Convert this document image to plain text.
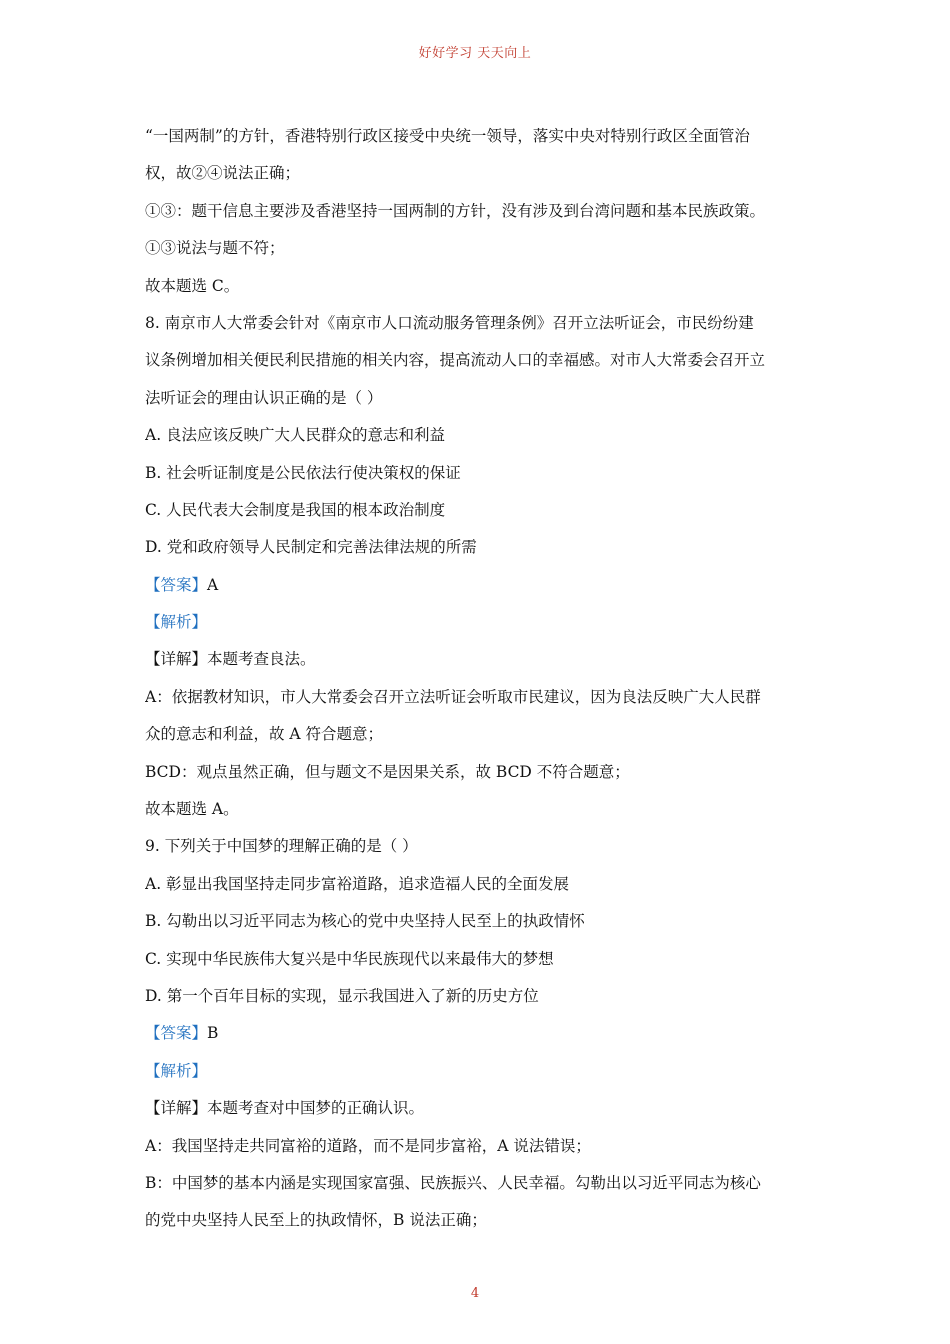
好好学习 天天向上
“一国两制”的方针，香港特别行政区接受中央统一领导，落实中央对特别行政区全面管治
权，故②④说法正确；
①③：题干信息主要涉及香港坚持一国两制的方针，没有涉及到台湾问题和基本民族政策。
①③说法与题不符；
故本题选 C。
8. 南京市人大常委会针对《南京市人口流动服务管理条例》召开立法听证会，市民纷纷建
议条例增加相关便民利民措施的相关内容，提高流动人口的幸福感。对市人大常委会召开立
法听证会的理由认识正确的是（ ）
A. 良法应该反映广大人民群众的意志和利益
B. 社会听证制度是公民依法行使决策权的保证
C. 人民代表大会制度是我国的根本政治制度
D. 党和政府领导人民制定和完善法律法规的所需
【答案】A
【解析】
【详解】本题考查良法。
A：依据教材知识，市人大常委会召开立法听证会听取市民建议，因为良法反映广大人民群
众的意志和利益，故 A 符合题意；
BCD：观点虽然正确，但与题文不是因果关系，故 BCD 不符合题意；
故本题选 A。
9. 下列关于中国梦的理解正确的是（ ）
A. 彰显出我国坚持走同步富裕道路，追求造福人民的全面发展
B. 勾勒出以习近平同志为核心的党中央坚持人民至上的执政情怀
C. 实现中华民族伟大复兴是中华民族现代以来最伟大的梦想
D. 第一个百年目标的实现，显示我国进入了新的历史方位
【答案】B
【解析】
【详解】本题考查对中国梦的正确认识。
A：我国坚持走共同富裕的道路，而不是同步富裕，A 说法错误；
B：中国梦的基本内涵是实现国家富强、民族振兴、人民幸福。勾勒出以习近平同志为核心
的党中央坚持人民至上的执政情怀，B 说法正确；
4
